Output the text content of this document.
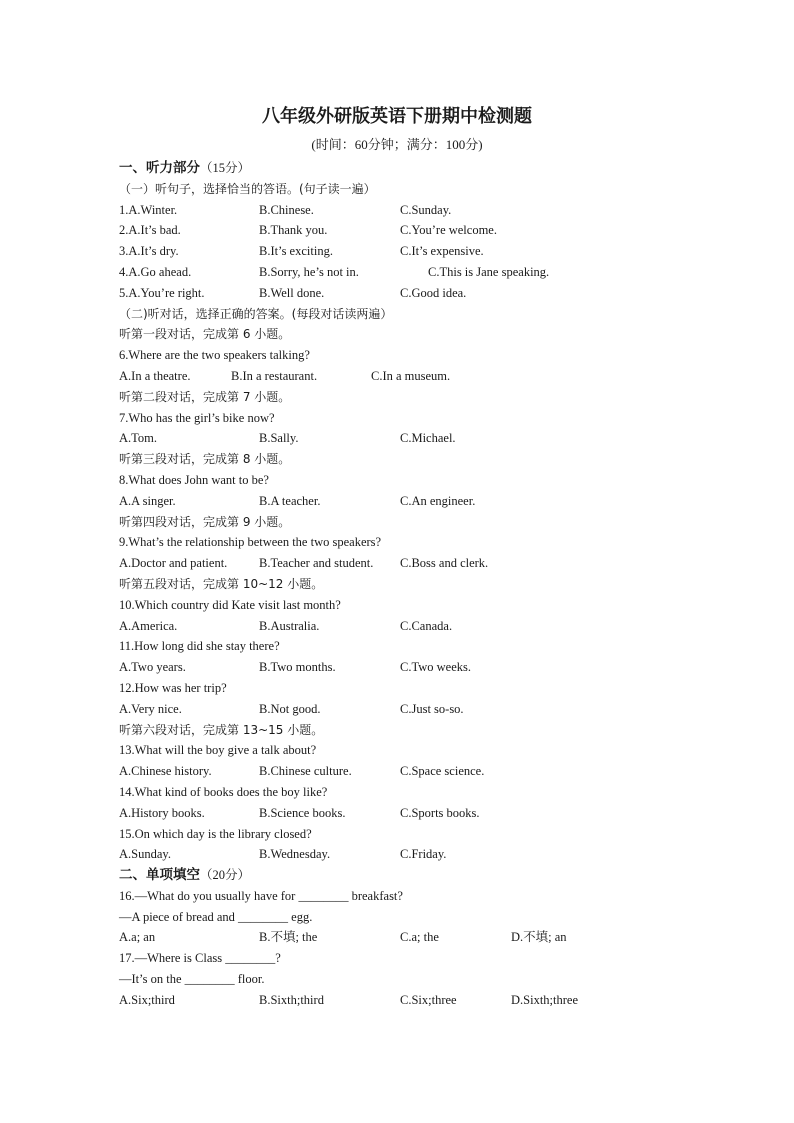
八年级外研版英语下册期中检测题
(时间：60分钟；满分：100分)
一、听力部分（15分）
（一）听句子，选择恰当的答语。(句子读一遍）
1.A.Winter.	B.Chinese.	C.Sunday.
2.A.It’s bad.	B.Thank you.	C.You’re welcome.
3.A.It’s dry.	B.It’s exciting.	C.It’s expensive.
4.A.Go ahead.	B.Sorry, he’s not in.	C.This is Jane speaking.
5.A.You’re right.	B.Well done.	C.Good idea.
（二)听对话，选择正确的答案。(每段对话读两遍）
听第一段对话，完成第 6 小题。
6.Where are the two speakers talking?
A.In a theatre.	B.In a restaurant.	C.In a museum.
听第二段对话，完成第 7 小题。
7.Who has the girl’s bike now?
A.Tom.	B.Sally.	C.Michael.
听第三段对话，完成第 8 小题。
8.What does John want to be?
A.A singer.	B.A teacher.	C.An engineer.
听第四段对话，完成第 9 小题。
9.What’s the relationship between the two speakers?
A.Doctor and patient.	B.Teacher and student. C.Boss and clerk.
听第五段对话，完成第 10~12 小题。
10.Which country did Kate visit last month?
A.America.	B.Australia.	C.Canada.
11.How long did she stay there?
A.Two years.	B.Two months.	C.Two weeks.
12.How was her trip?
A.Very nice.	B.Not good.	C.Just so-so.
听第六段对话，完成第 13~15 小题。
13.What will the boy give a talk about?
A.Chinese history.	B.Chinese culture.	C.Space science.
14.What kind of books does the boy like?
A.History books.	B.Science books.	C.Sports books.
15.On which day is the library closed?
A.Sunday.	B.Wednesday.	C.Friday.
二、单项填空（20分）
16.—What do you usually have for ________ breakfast?
—A piece of bread and ________ egg.
A.a; an	B.不填; the	C.a; the	D.不填; an
17.—Where is Class ________?
—It’s on the ________ floor.
A.Six;third	B.Sixth;third	C.Six;three	D.Sixth;three
